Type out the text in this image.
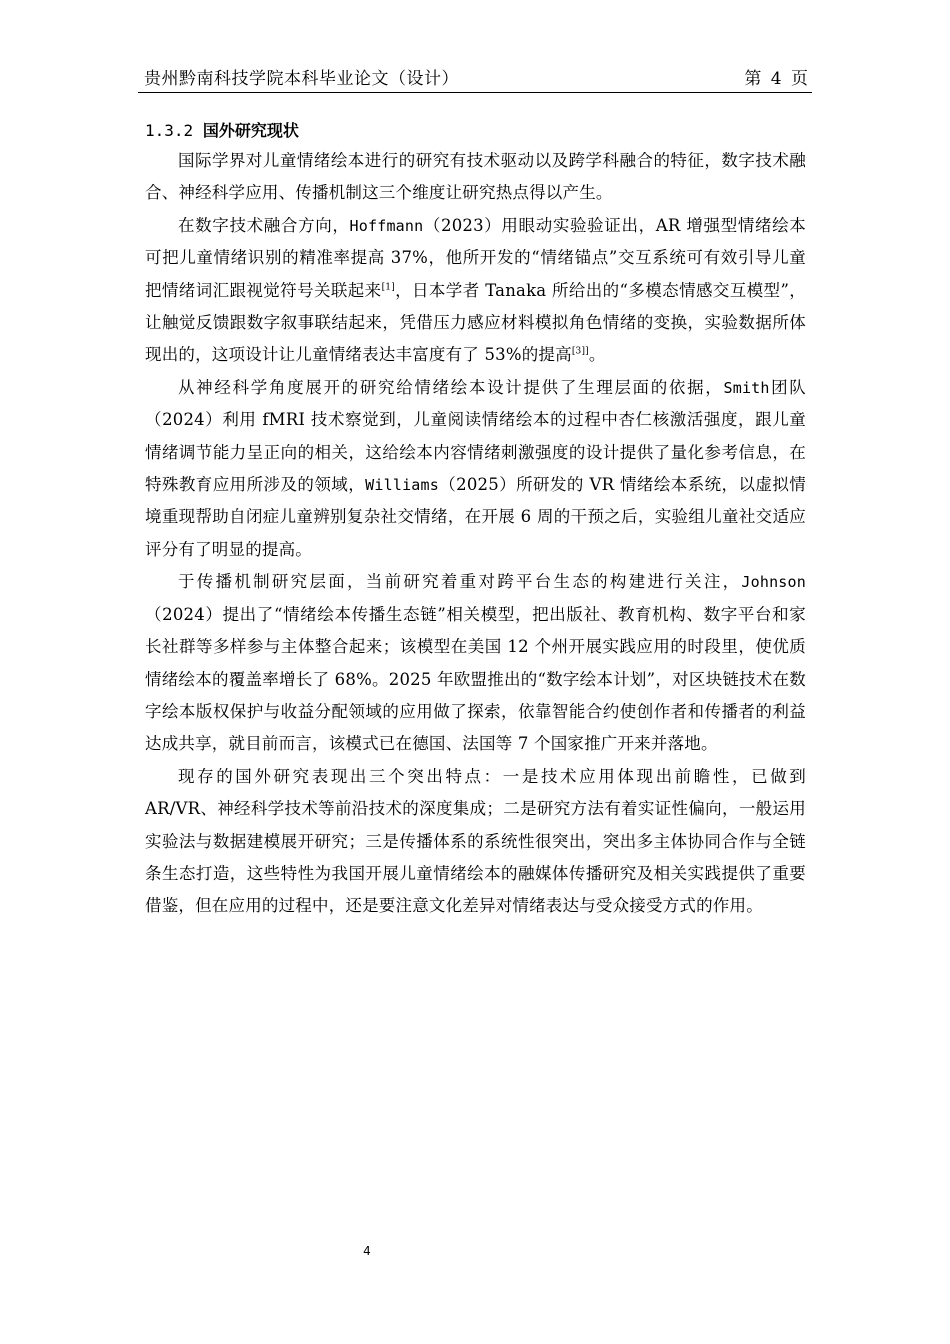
贵州黔南科技学院本科毕业论文（设计）	第 4 页
1.3.2 国外研究现状

国际学界对儿童情绪绘本进行的研究有技术驱动以及跨学科融合的特征，数字技术融合、神经科学应用、传播机制这三个维度让研究热点得以产生。

在数字技术融合方向，Hoffmann（2023）用眼动实验验证出，AR 增强型情绪绘本可把儿童情绪识别的精准率提高 37%，他所开发的“情绪锚点”交互系统可有效引导儿童把情绪词汇跟视觉符号关联起来[1]，日本学者 Tanaka 所给出的“多模态情感交互模型”，让触觉反馈跟数字叙事联结起来，凭借压力感应材料模拟角色情绪的变换，实验数据所体现出的，这项设计让儿童情绪表达丰富度有了 53%的提高[3]]。

从神经科学角度展开的研究给情绪绘本设计提供了生理层面的依据，Smith团队（2024）利用 fMRI 技术察觉到，儿童阅读情绪绘本的过程中杏仁核激活强度，跟儿童情绪调节能力呈正向的相关，这给绘本内容情绪刺激强度的设计提供了量化参考信息，在特殊教育应用所涉及的领域，Williams（2025）所研发的 VR 情绪绘本系统，以虚拟情境重现帮助自闭症儿童辨别复杂社交情绪，在开展 6 周的干预之后，实验组儿童社交适应评分有了明显的提高。

于传播机制研究层面，当前研究着重对跨平台生态的构建进行关注，Johnson（2024）提出了“情绪绘本传播生态链”相关模型，把出版社、教育机构、数字平台和家长社群等多样参与主体整合起来；该模型在美国 12 个州开展实践应用的时段里，使优质情绪绘本的覆盖率增长了 68%。2025 年欧盟推出的“数字绘本计划”，对区块链技术在数字绘本版权保护与收益分配领域的应用做了探索，依靠智能合约使创作者和传播者的利益达成共享，就目前而言，该模式已在德国、法国等 7 个国家推广开来并落地。

现存的国外研究表现出三个突出特点：一是技术应用体现出前瞻性，已做到 AR/VR、神经科学技术等前沿技术的深度集成；二是研究方法有着实证性偏向，一般运用实验法与数据建模展开研究；三是传播体系的系统性很突出，突出多主体协同合作与全链条生态打造，这些特性为我国开展儿童情绪绘本的融媒体传播研究及相关实践提供了重要借鉴，但在应用的过程中，还是要注意文化差异对情绪表达与受众接受方式的作用。

4
